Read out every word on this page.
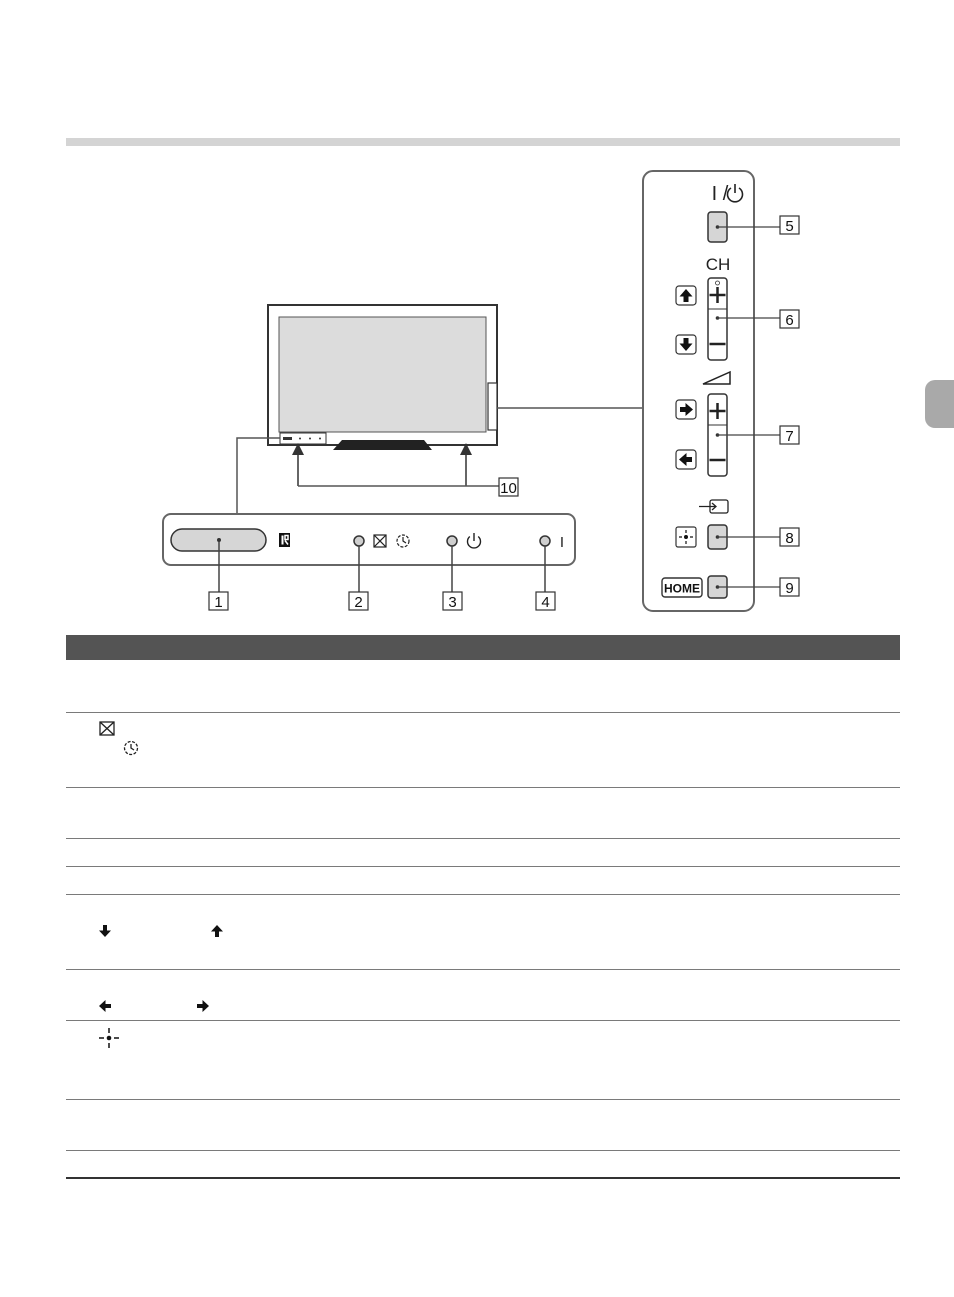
10
I
1	2	3	4
I /
CH
HOME
5
6
7
8
9
